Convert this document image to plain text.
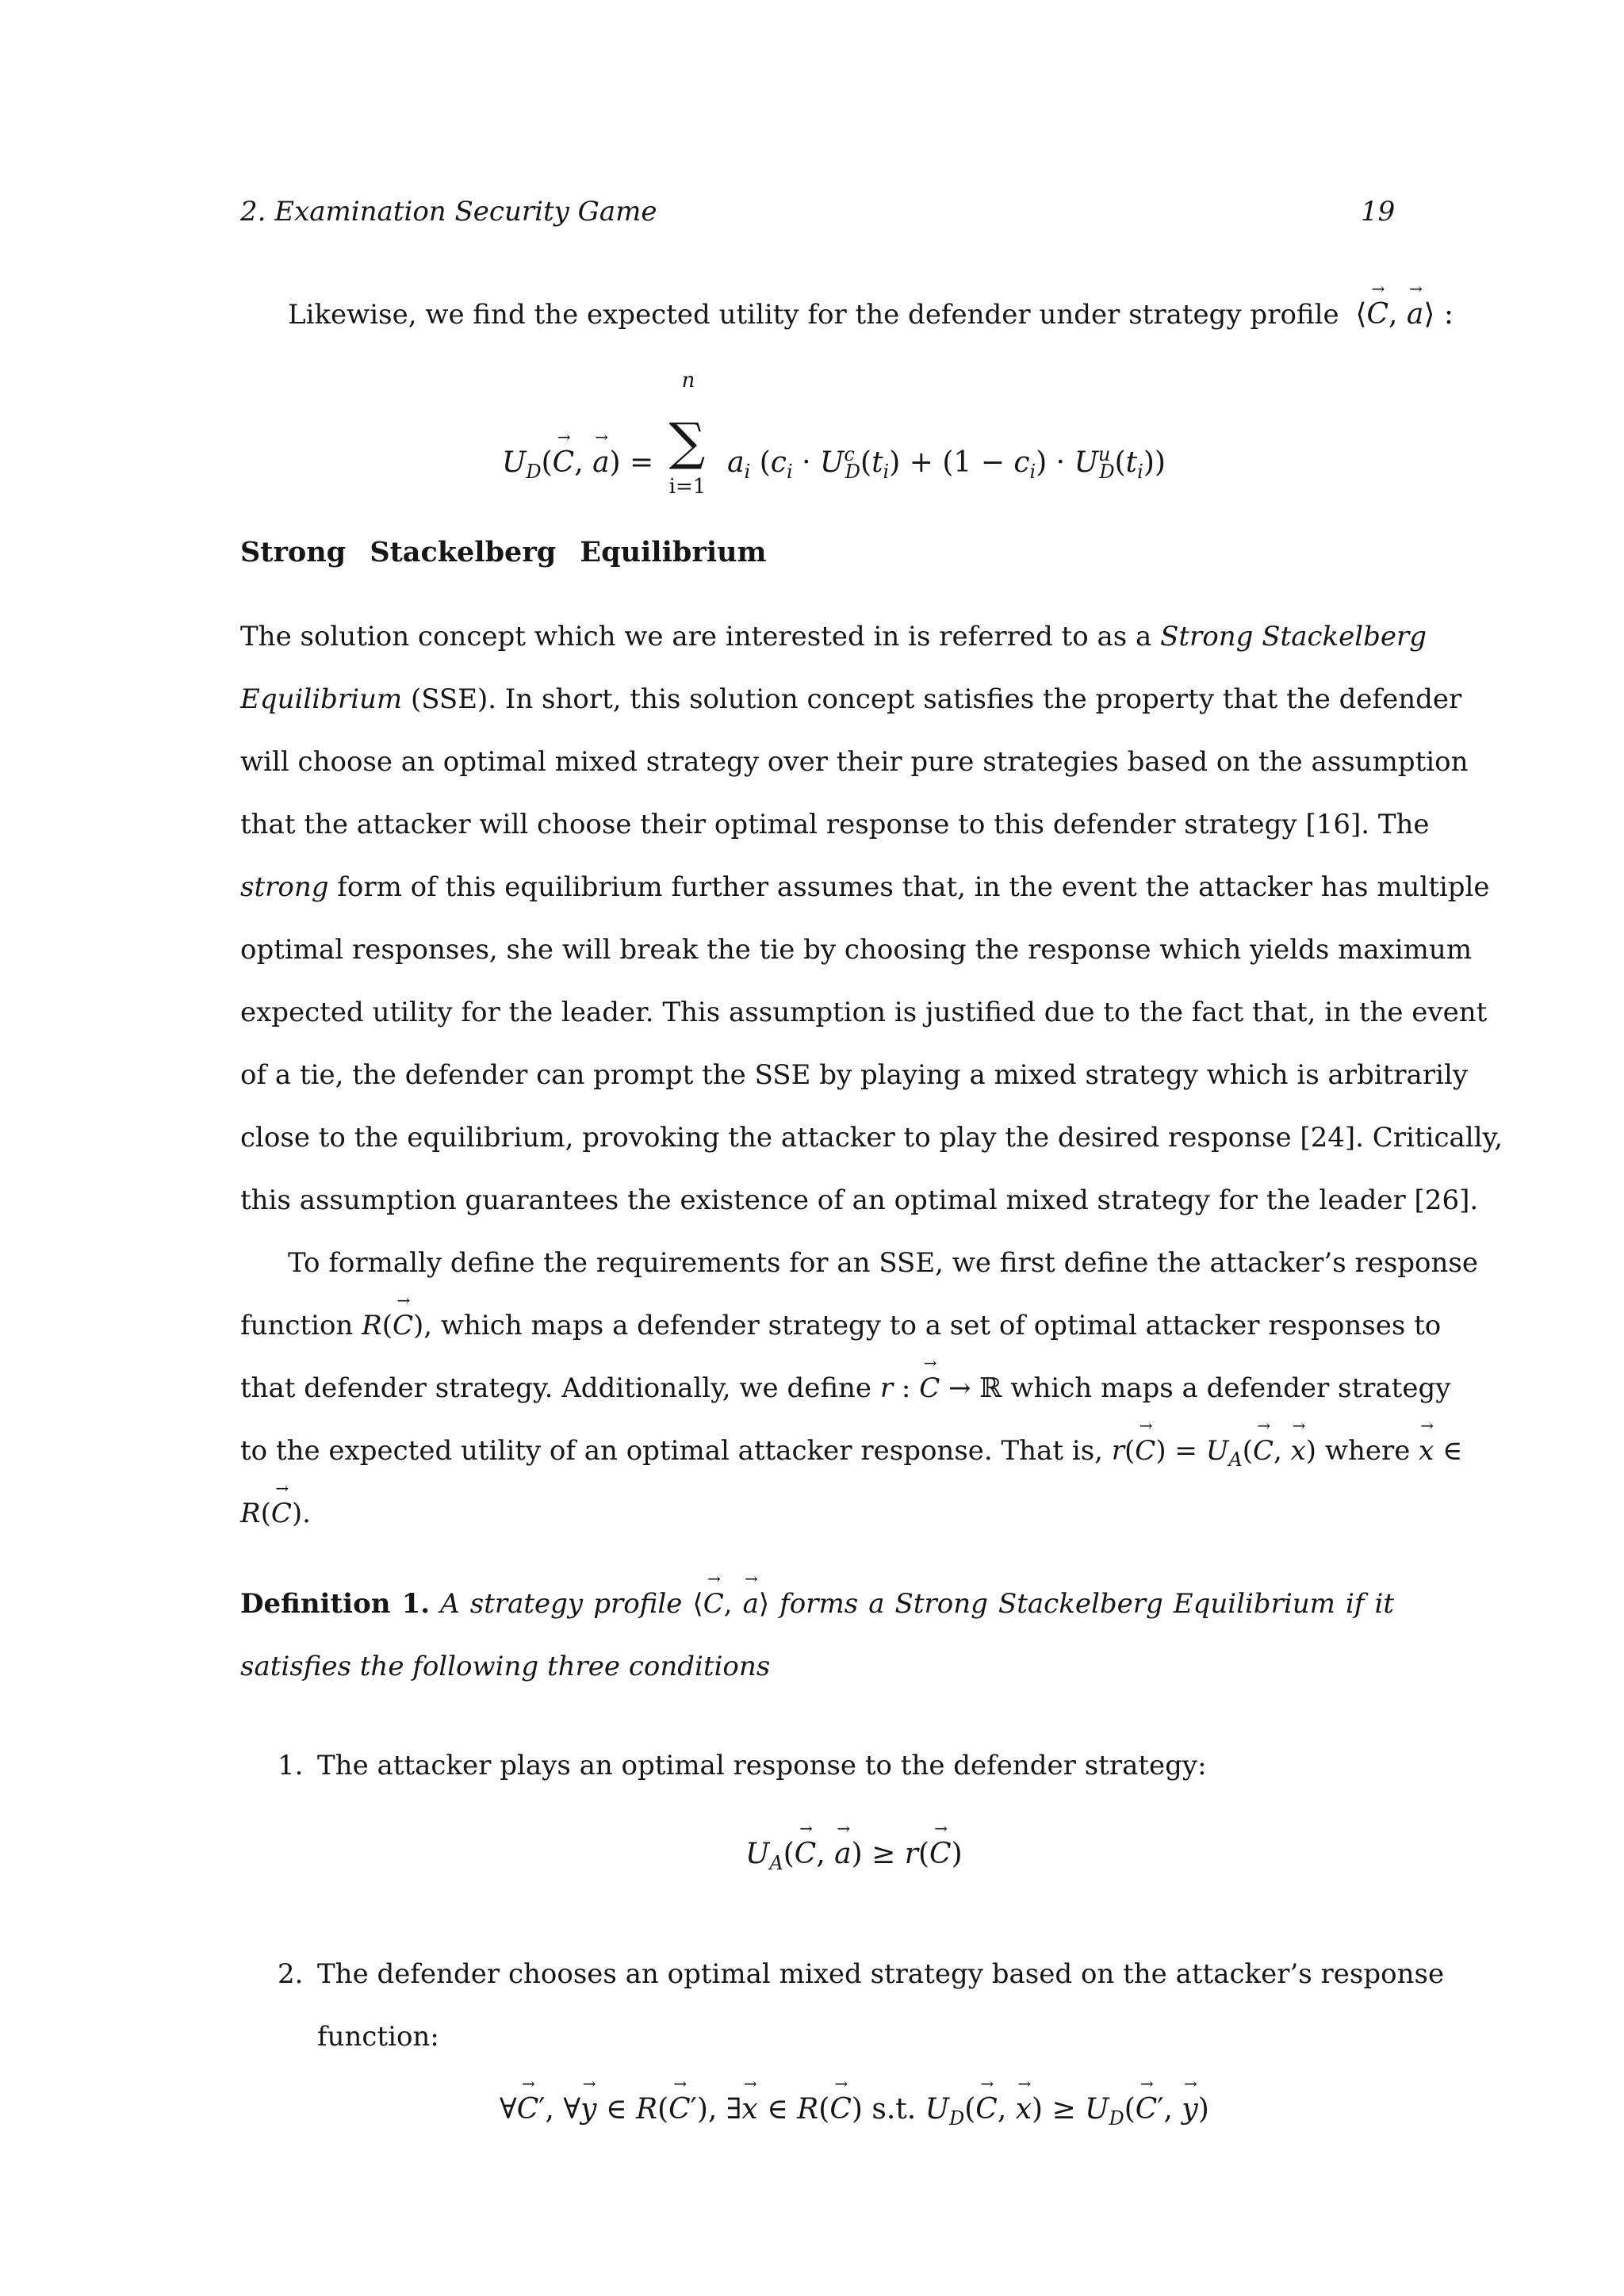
2. Examination Security Game	19
Likewise, we find the expected utility for the defender under strategy profile ⟨C →, a →⟩ :
$U_D(C$ →, a →) =
n
∑
i=1
$a_i$ $(c_i \cdot U^c_D(t_i) + (1 - c_i) \cdot U^u_D(t_i))$
Strong Stackelberg Equilibrium
The solution concept which we are interested in is referred to as a Strong Stackelberg
Equilibrium (SSE). In short, this solution concept satisfies the property that the defender
will choose an optimal mixed strategy over their pure strategies based on the assumption
that the attacker will choose their optimal response to this defender strategy [16]. The
strong form of this equilibrium further assumes that, in the event the attacker has multiple
optimal responses, she will break the tie by choosing the response which yields maximum
expected utility for the leader. This assumption is justified due to the fact that, in the event
of a tie, the defender can prompt the SSE by playing a mixed strategy which is arbitrarily
close to the equilibrium, provoking the attacker to play the desired response [24]. Critically,
this assumption guarantees the existence of an optimal mixed strategy for the leader [26].
To formally define the requirements for an SSE, we first define the attacker’s response
function R(C →), which maps a defender strategy to a set of optimal attacker responses to
that defender strategy. Additionally, we define r : C → → ℝ which maps a defender strategy
to the expected utility of an optimal attacker response. That is, r(C →) = $U_A(C$ →, x →) where x → ∈
R(C →).
Definition 1. A strategy profile ⟨C →, a →⟩ forms a Strong Stackelberg Equilibrium if it
satisfies the following three conditions
1. The attacker plays an optimal response to the defender strategy:
$U_A(C$ →, a →) ≥ r(C →)
2. The defender chooses an optimal mixed strategy based on the attacker’s response
function:
∀C →′, ∀y → ∈ R(C →′), ∃x → ∈ R(C →) s.t. $U_D(C$ →, x →) ≥ $U_D(C$ →′, y →)
